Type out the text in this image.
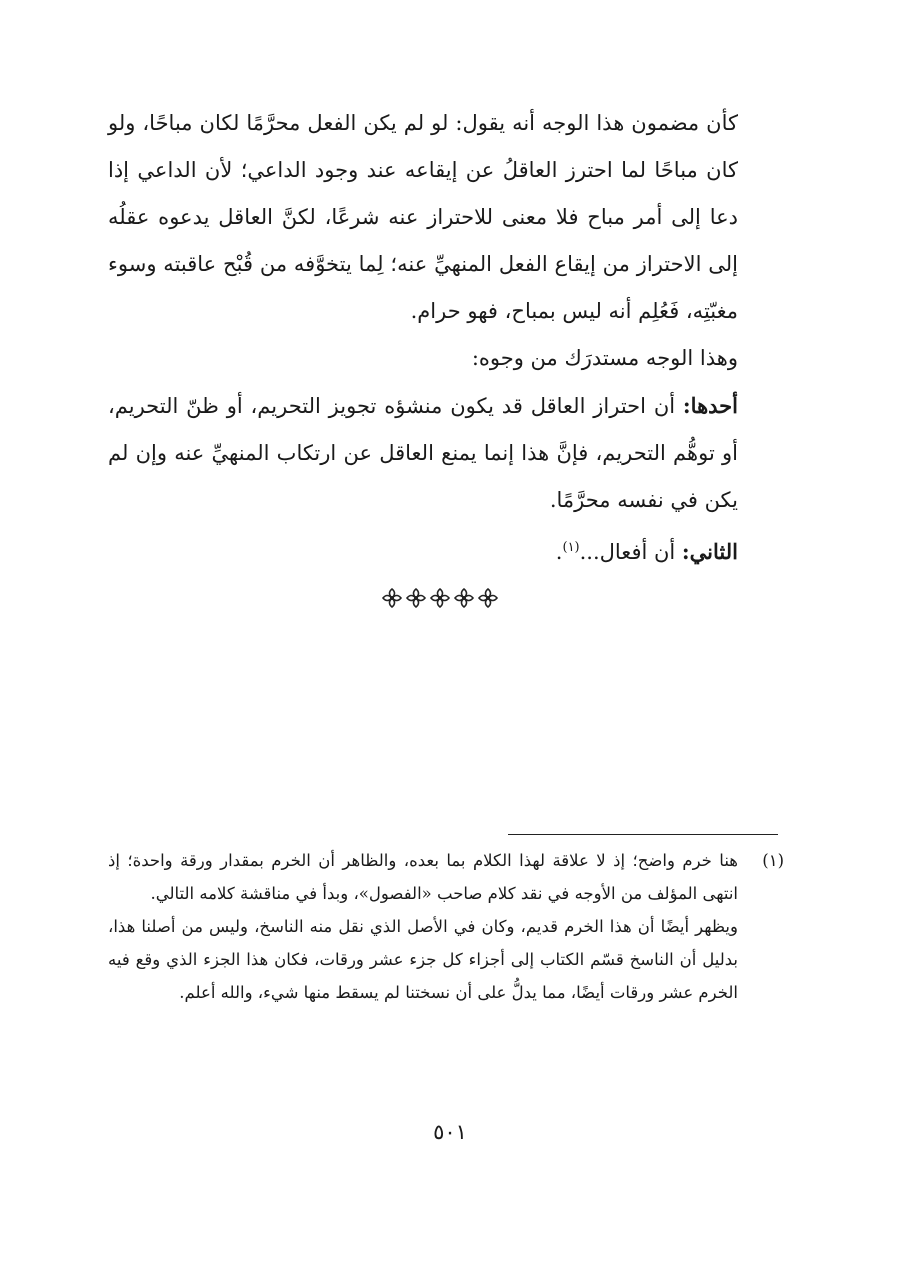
كأن مضمون هذا الوجه أنه يقول: لو لم يكن الفعل محرَّمًا لكان مباحًا، ولو كان مباحًا لما احترز العاقلُ عن إيقاعه عند وجود الداعي؛ لأن الداعي إذا دعا إلى أمر مباح فلا معنى للاحتراز عنه شرعًا، لكنَّ العاقل يدعوه عقلُه إلى الاحتراز من إيقاع الفعل المنهيِّ عنه؛ لِما يتخوَّفه من قُبْح عاقبته وسوء مغبّتِه، فَعُلِم أنه ليس بمباح، فهو حرام.

وهذا الوجه مستدرَك من وجوه:

أحدها: أن احتراز العاقل قد يكون منشؤه تجويز التحريم، أو ظنّ التحريم، أو توهُّم التحريم، فإنَّ هذا إنما يمنع العاقل عن ارتكاب المنهيِّ عنه وإن لم يكن في نفسه محرَّمًا.

الثاني: أن أفعال...$^{(١)}$.

(١)

هنا خرم واضح؛ إذ لا علاقة لهذا الكلام بما بعده، والظاهر أن الخرم بمقدار ورقة واحدة؛ إذ انتهى المؤلف من الأوجه في نقد كلام صاحب «الفصول»، وبدأ في مناقشة كلامه التالي.

ويظهر أيضًا أن هذا الخرم قديم، وكان في الأصل الذي نقل منه الناسخ، وليس من أصلنا هذا، بدليل أن الناسخ قسّم الكتاب إلى أجزاء كل جزء عشر ورقات، فكان هذا الجزء الذي وقع فيه الخرم عشر ورقات أيضًا، مما يدلُّ على أن نسختنا لم يسقط منها شيء، والله أعلم.

٥٠١
